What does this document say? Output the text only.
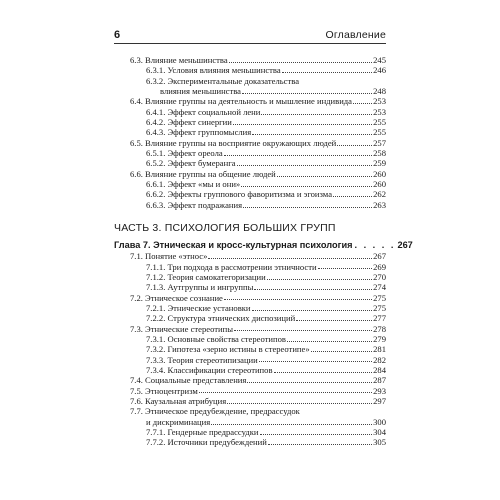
6	Оглавление
6.3. Влияние меньшинства	245
6.3.1. Условия влияния меньшинства	246
6.3.2. Экспериментальные доказательства
влияния меньшинства	248
6.4. Влияние группы на деятельность и мышление индивида 253
6.4.1. Эффект социальной лени	253
6.4.2. Эффект синергии	255
6.4.3. Эффект группомыслия	255
6.5. Влияние группы на восприятие окружающих людей	257
6.5.1. Эффект ореола	258
6.5.2. Эффект бумеранга	259
6.6. Влияние группы на общение людей	260
6.6.1. Эффект «мы и они»	260
6.6.2. Эффекты группового фаворитизма и эгоизма	262
6.6.3. Эффект подражания	263
ЧАСТЬ 3. ПСИХОЛОГИЯ БОЛЬШИХ ГРУПП
Глава 7. Этническая и кросс-культурная психология . . . . . 267
7.1. Понятие «этнос»	267
7.1.1. Три подхода в рассмотрении этничности	269
7.1.2. Теория самокатегоризации	270
7.1.3. Аутгруппы и ингруппы	274
7.2. Этническое сознание	275
7.2.1. Этнические установки	275
7.2.2. Структура этнических диспозиций	277
7.3. Этнические стереотипы	278
7.3.1. Основные свойства стереотипов	279
7.3.2. Гипотеза «зерно истины в стереотипе»	281
7.3.3. Теория стереотипизации	282
7.3.4. Классификации стереотипов	284
7.4. Социальные представления	287
7.5. Этноцентризм	293
7.6. Каузальная атрибуция	297
7.7. Этническое предубеждение, предрассудок
и дискриминация	300
7.7.1. Гендерные предрассудки	304
7.7.2. Источники предубеждений	305
